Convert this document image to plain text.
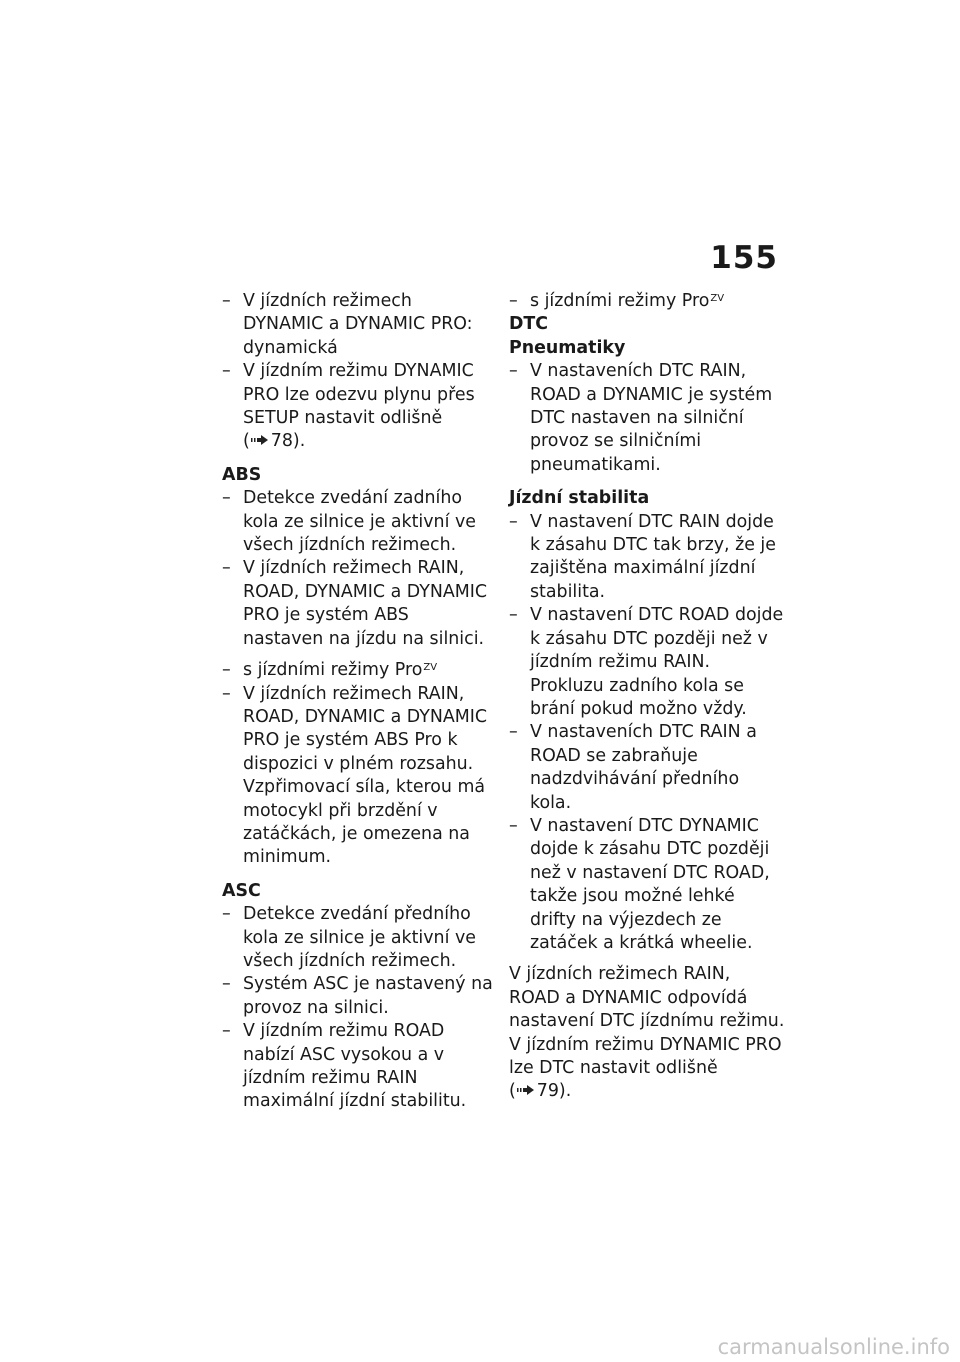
155
– V jízdních režimech DYNAMIC a DYNAMIC PRO: dynamická
– V jízdním režimu DYNAMIC PRO lze odezvu plynu přes SETUP nastavit odlišně
( 78).
ABS
– Detekce zvedání zadního kola ze silnice je aktivní ve všech jízdních režimech.
– V jízdních režimech RAIN, ROAD, DYNAMIC a DYNAMIC PRO je systém ABS nastaven na jízdu na silnici.
– s jízdními režimy Pro$^{ZV}$
– V jízdních režimech RAIN, ROAD, DYNAMIC a DYNAMIC PRO je systém ABS Pro k dispozici v plném rozsahu. Vzpřimovací síla, kterou má motocykl při brzdění v zatáčkách, je omezena na minimum.
ASC
– Detekce zvedání předního kola ze silnice je aktivní ve všech jízdních režimech.
– Systém ASC je nastavený na provoz na silnici.
– V jízdním režimu ROAD nabízí ASC vysokou a v jízdním režimu RAIN maximální jízdní stabilitu.
– s jízdními režimy Pro$^{ZV}$
DTC
Pneumatiky
– V nastaveních DTC RAIN, ROAD a DYNAMIC je systém DTC nastaven na silniční provoz se silničními pneumatikami.
Jízdní stabilita
– V nastavení DTC RAIN dojde k zásahu DTC tak brzy, že je zajištěna maximální jízdní stabilita.
– V nastavení DTC ROAD dojde k zásahu DTC později než v jízdním režimu RAIN. Prokluzu zadního kola se brání pokud možno vždy.
– V nastaveních DTC RAIN a ROAD se zabraňuje nadzdvihávání předního kola.
– V nastavení DTC DYNAMIC dojde k zásahu DTC později než v nastavení DTC ROAD, takže jsou možné lehké drifty na výjezdech ze zatáček a krátká wheelie.

V jízdních režimech RAIN, ROAD a DYNAMIC odpovídá nastavení DTC jízdnímu režimu.

V jízdním režimu DYNAMIC PRO lze DTC nastavit odlišně
( 79).

carmanualsonline.info
